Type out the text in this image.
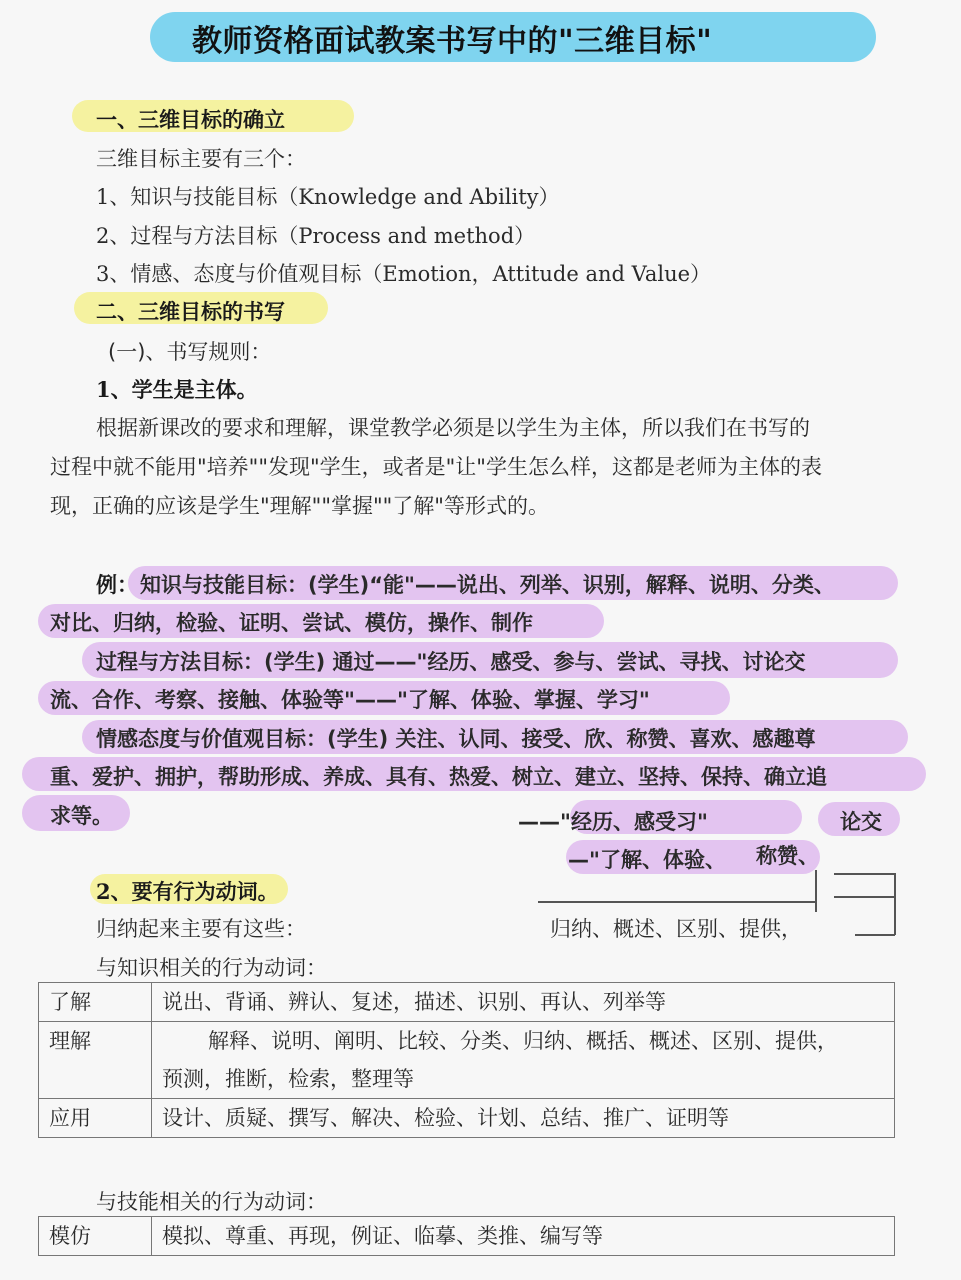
教师资格面试教案书写中的"三维目标"
一、三维目标的确立
三维目标主要有三个：
1、知识与技能目标（Knowledge and Ability）
2、过程与方法目标（Process and method）
3、情感、态度与价值观目标（Emotion，Attitude and Value）
二、三维目标的书写
(一)、书写规则：
1、学生是主体。
根据新课改的要求和理解，课堂教学必须是以学生为主体，所以我们在书写的
过程中就不能用"培养""发现"学生，或者是"让"学生怎么样，这都是老师为主体的表
现，正确的应该是学生"理解""掌握""了解"等形式的。
例： 知识与技能目标：(学生)“能"——说出、列举、识别，解释、说明、分类、
对比、归纳，检验、证明、尝试、模仿，操作、制作
过程与方法目标：(学生) 通过——"经历、感受、参与、尝试、寻找、讨论交
流、合作、考察、接触、体验等"——"了解、体验、掌握、学习"
情感态度与价值观目标：(学生) 关注、认同、接受、欣、称赞、喜欢、感趣尊
重、爱护、拥护，帮助形成、养成、具有、热爱、树立、建立、坚持、保持、确立追
求等。	——"经历、感受习"	论交
—"了解、体验、 称赞、
归纳、概述、区别、提供，
2、要有行为动词。
归纳起来主要有这些：
与知识相关的行为动词：
了解	说出、背诵、辨认、复述，描述、识别、再认、列举等
理解	解释、说明、阐明、比较、分类、归纳、概括、概述、区别、提供，
预测，推断，检索，整理等

应用	设计、质疑、撰写、解决、检验、计划、总结、推广、证明等
与技能相关的行为动词：
模仿	模拟、尊重、再现，例证、临摹、类推、编写等
